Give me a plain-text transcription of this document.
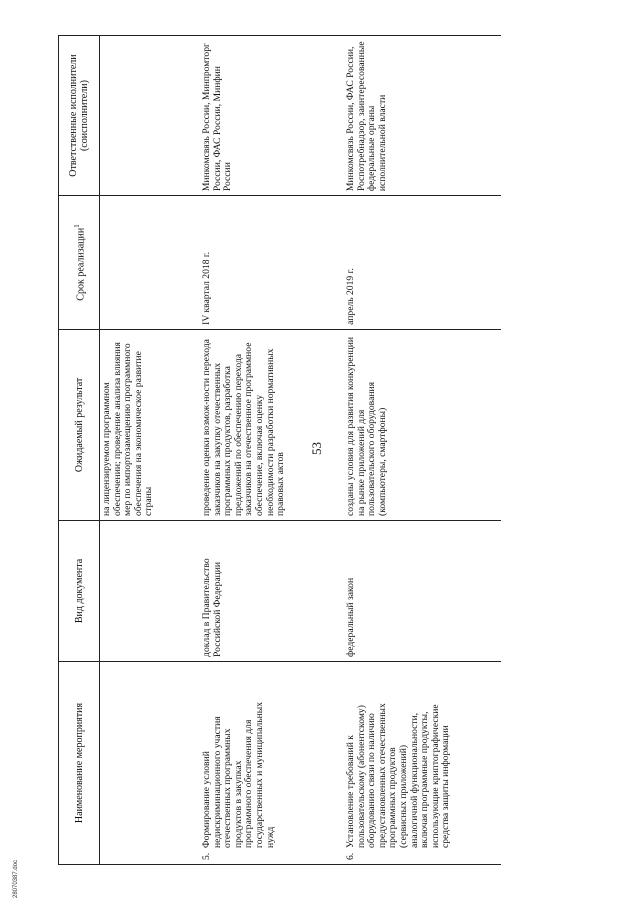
53
Наименование мероприятия	Вид документа	Ожидаемый результат	Срок реализации$^1$	Ответственные исполнители (соисполнители)
		на лицензируемом программном обеспечении; проведение анализа влияния мер по импортозамещению программного обеспечения на экономическое развитие страны		
5.Формирование условий недискриминационного участия отечественных программных продуктов в закупках программного обеспечения для государственных и муниципальных нужд	доклад в Правительство Российской Федерации	проведение оценки возмож-ности перехода заказчиков на закупку отечественных программных продуктов, разработка предложений по обеспечению перехода заказчиков на отечественное программное обеспечение, включая оценку необходимости разработки нормативных правовых актов	IV квартал 2018 г.	Минкомсвязь России, Минпромторг России, ФАС России, Минфин России
6.Установление требований к пользовательскому (абонентскому) оборудованию связи по наличию предустановленных отечественных программных продуктов (сервисных приложений) аналогичной функциональности, включая программные продукты, использующие криптографические средства защиты информации	федеральный закон	созданы условия для развития конкуренции на рынке приложений для пользовательского оборудования (компьютеры, смартфоны)	апрель 2019 г.	Минкомсвязь России, ФАС России, Роспотребнадзор, заинтересованные федеральные органы исполнительной власти
28070387.doc
